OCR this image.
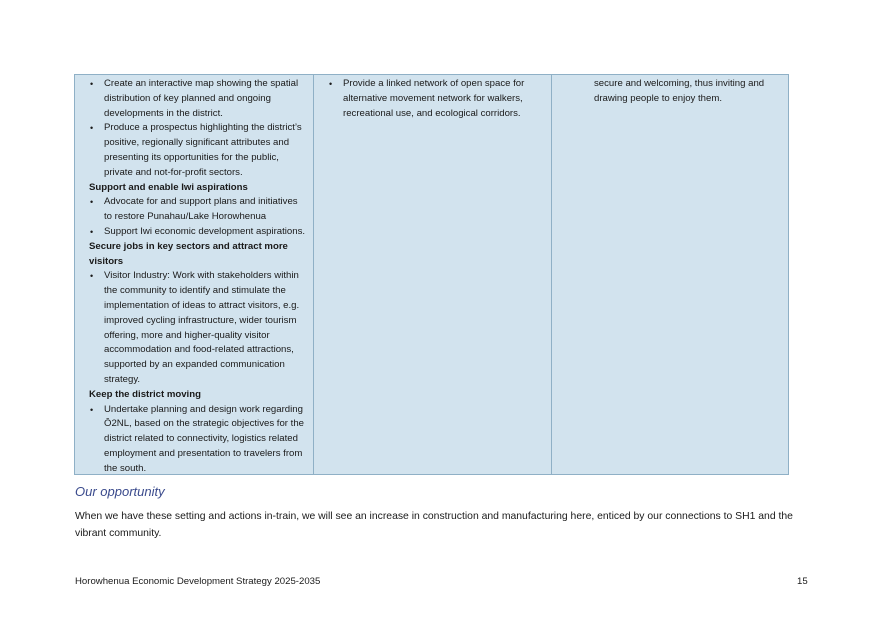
• Create an interactive map showing the spatial distribution of key planned and ongoing developments in the district.
• Produce a prospectus highlighting the district’s positive, regionally significant attributes and presenting its opportunities for the public, private and not-for-profit sectors.

Support and enable Iwi aspirations

• Advocate for and support plans and initiatives to restore Punahau/Lake Horowhenua
• Support Iwi economic development aspirations.

Secure jobs in key sectors and attract more visitors

• Visitor Industry: Work with stakeholders within the community to identify and stimulate the implementation of ideas to attract visitors, e.g. improved cycling infrastructure, wider tourism offering, more and higher-quality visitor accommodation and food-related attractions, supported by an expanded communication strategy.

Keep the district moving

• Undertake planning and design work regarding Ō2NL, based on the strategic objectives for the district related to connectivity, logistics related employment and presentation to travelers from the south.
• Provide a linked network of open space for alternative movement network for walkers, recreational use, and ecological corridors.
secure and welcoming, thus inviting and drawing people to enjoy them.
Our opportunity

When we have these setting and actions in-train, we will see an increase in construction and manufacturing here, enticed by our connections to SH1 and the vibrant community.

Horowhenua Economic Development Strategy 2025-2035	15
